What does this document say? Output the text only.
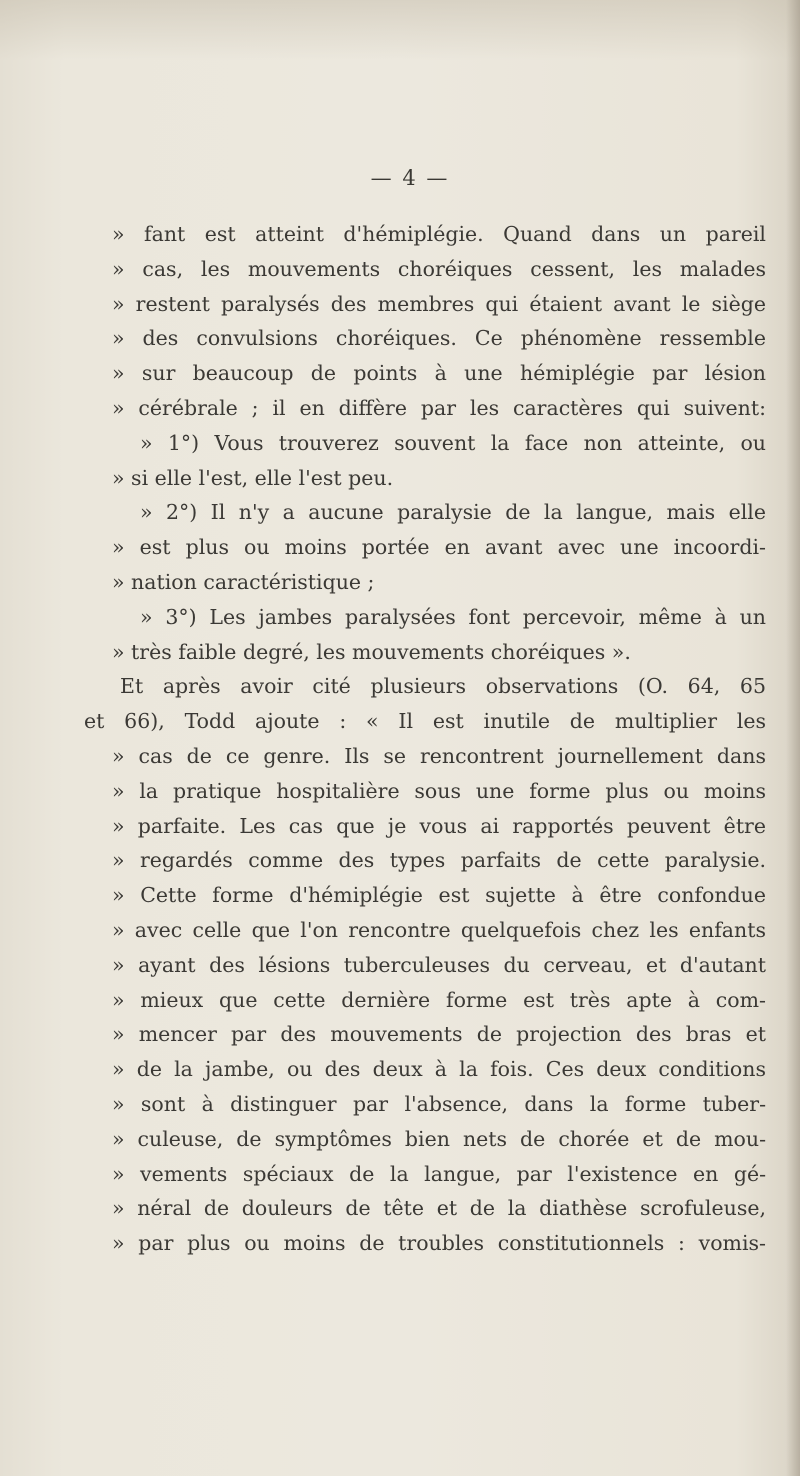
— 4 —
» fant est atteint d'hémiplégie. Quand dans un pareil
» cas, les mouvements choréiques cessent, les malades
» restent paralysés des membres qui étaient avant le siège
» des convulsions choréiques. Ce phénomène ressemble
» sur beaucoup de points à une hémiplégie par lésion
» cérébrale ; il en diffère par les caractères qui suivent:
» 1°) Vous trouverez souvent la face non atteinte, ou
» si elle l'est, elle l'est peu.
» 2°) Il n'y a aucune paralysie de la langue, mais elle
» est plus ou moins portée en avant avec une incoordi-
» nation caractéristique ;
» 3°) Les jambes paralysées font percevoir, même à un
» très faible degré, les mouvements choréiques ».
Et après avoir cité plusieurs observations (O. 64, 65
et 66), Todd ajoute : « Il est inutile de multiplier les
» cas de ce genre. Ils se rencontrent journellement dans
» la pratique hospitalière sous une forme plus ou moins
» parfaite. Les cas que je vous ai rapportés peuvent être
» regardés comme des types parfaits de cette paralysie.
» Cette forme d'hémiplégie est sujette à être confondue
» avec celle que l'on rencontre quelquefois chez les enfants
» ayant des lésions tuberculeuses du cerveau, et d'autant
» mieux que cette dernière forme est très apte à com-
» mencer par des mouvements de projection des bras et
» de la jambe, ou des deux à la fois. Ces deux conditions
» sont à distinguer par l'absence, dans la forme tuber-
» culeuse, de symptômes bien nets de chorée et de mou-
» vements spéciaux de la langue, par l'existence en gé-
» néral de douleurs de tête et de la diathèse scrofuleuse,
» par plus ou moins de troubles constitutionnels : vomis-
